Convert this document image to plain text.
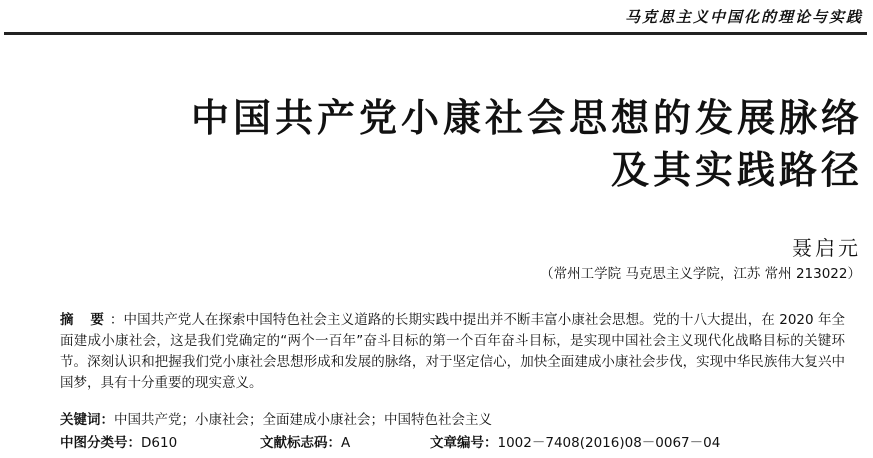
马克思主义中国化的理论与实践
中国共产党小康社会思想的发展脉络
及其实践路径
聂启元
（常州工学院 马克思主义学院，江苏 常州 213022）

摘 要：中国共产党人在探索中国特色社会主义道路的长期实践中提出并不断丰富小康社会思想。党的十八大提出，在 2020 年全面建成小康社会，这是我们党确定的“两个一百年”奋斗目标的第一个百年奋斗目标，是实现中国社会主义现代化战略目标的关键环节。深刻认识和把握我们党小康社会思想形成和发展的脉络，对于坚定信心，加快全面建成小康社会步伐，实现中华民族伟大复兴中国梦，具有十分重要的现实意义。

关键词：中国共产党；小康社会；全面建成小康社会；中国特色社会主义
中图分类号：D610	文献标志码：A	文章编号：1002－7408(2016)08－0067－04
